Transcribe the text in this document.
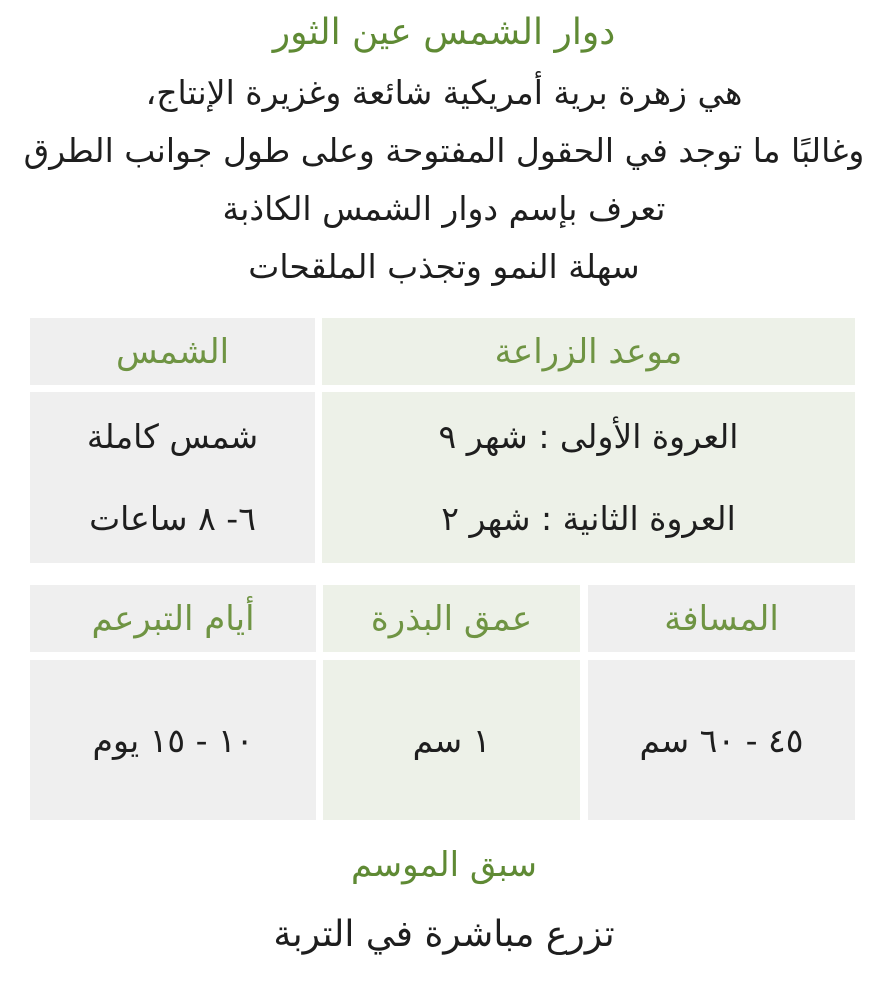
دوار الشمس عين الثور
هي زهرة برية أمريكية شائعة وغزيرة الإنتاج،
وغالبًا ما توجد في الحقول المفتوحة وعلى طول جوانب الطرق
تعرف بإسم دوار الشمس الكاذبة
سهلة النمو وتجذب الملقحات
موعد الزراعة
الشمس
العروة الأولى : شهر ٩
العروة الثانية : شهر ٢
شمس كاملة
٦- ٨ ساعات
المسافة
عمق البذرة
أيام التبرعم
٤٥ - ٦٠ سم
١ سم
١٠ - ١٥ يوم
سبق الموسم
تزرع مباشرة في التربة
